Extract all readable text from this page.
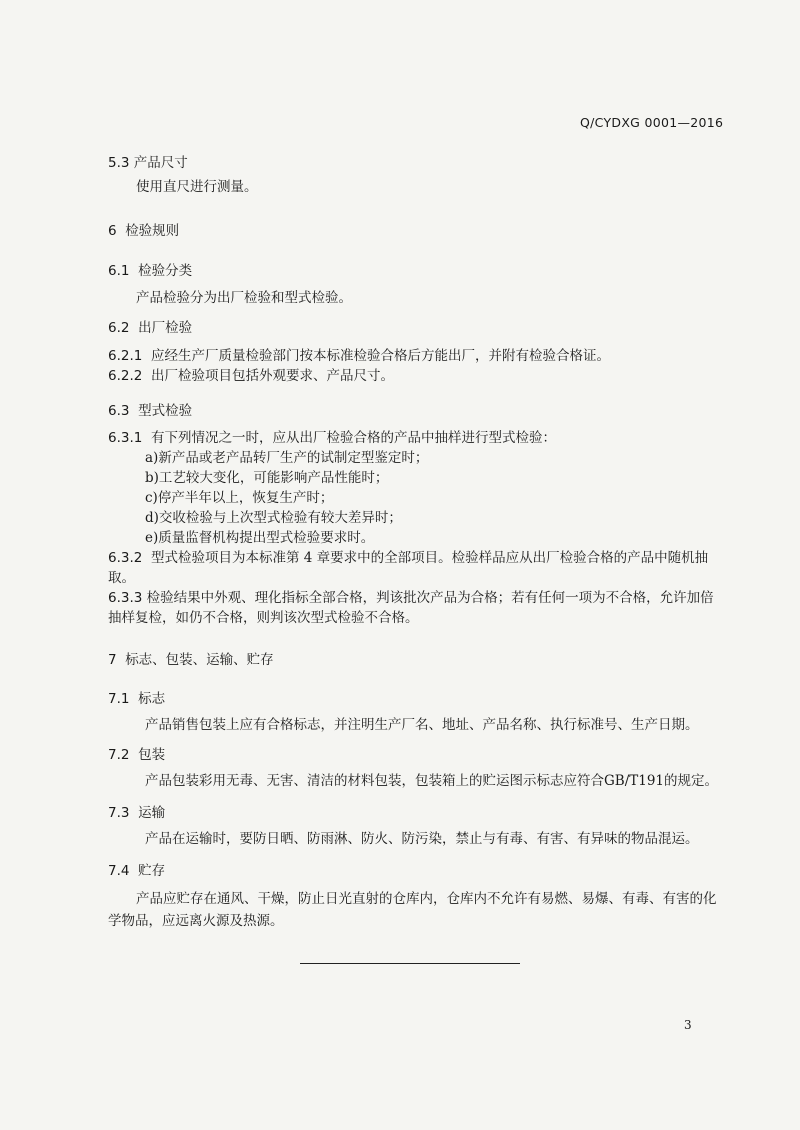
Q/CYDXG 0001—2016
5.3 产品尺寸
使用直尺进行测量。
6 检验规则
6.1 检验分类
产品检验分为出厂检验和型式检验。
6.2 出厂检验
6.2.1 应经生产厂质量检验部门按本标准检验合格后方能出厂，并附有检验合格证。
6.2.2 出厂检验项目包括外观要求、产品尺寸。
6.3 型式检验
6.3.1 有下列情况之一时，应从出厂检验合格的产品中抽样进行型式检验：
a)新产品或老产品转厂生产的试制定型鉴定时；
b)工艺较大变化，可能影响产品性能时；
c)停产半年以上，恢复生产时；
d)交收检验与上次型式检验有较大差异时；
e)质量监督机构提出型式检验要求时。
6.3.2 型式检验项目为本标准第 4 章要求中的全部项目。检验样品应从出厂检验合格的产品中随机抽
取。
6.3.3 检验结果中外观、理化指标全部合格，判该批次产品为合格；若有任何一项为不合格，允许加倍
抽样复检，如仍不合格，则判该次型式检验不合格。
7 标志、包装、运输、贮存
7.1 标志
产品销售包装上应有合格标志，并注明生产厂名、地址、产品名称、执行标准号、生产日期。
7.2 包装
产品包装彩用无毒、无害、清洁的材料包装，包装箱上的贮运图示标志应符合GB/T191的规定。
7.3 运输
产品在运输时，要防日晒、防雨淋、防火、防污染，禁止与有毒、有害、有异味的物品混运。
7.4 贮存
产品应贮存在通风、干燥，防止日光直射的仓库内，仓库内不允许有易燃、易爆、有毒、有害的化
学物品，应远离火源及热源。
3
